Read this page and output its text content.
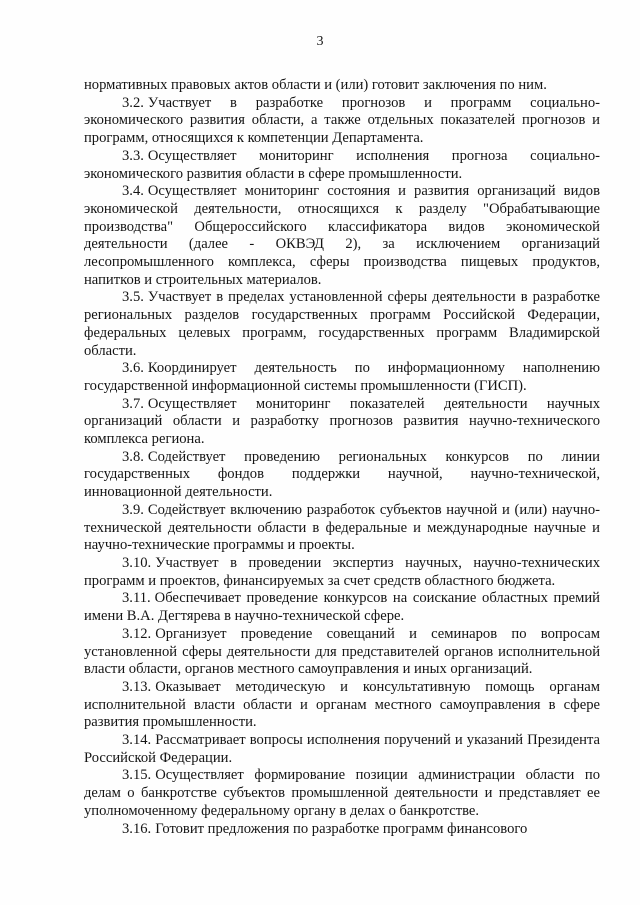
3

нормативных правовых актов области и (или) готовит заключения по ним.

3.2. Участвует в разработке прогнозов и программ социально-экономического развития области, а также отдельных показателей прогнозов и программ, относящихся к компетенции Департамента.

3.3. Осуществляет мониторинг исполнения прогноза социально-экономического развития области в сфере промышленности.

3.4. Осуществляет мониторинг состояния и развития организаций видов экономической деятельности, относящихся к разделу "Обрабатывающие производства" Общероссийского классификатора видов экономической деятельности (далее - ОКВЭД 2), за исключением организаций лесопромышленного комплекса, сферы производства пищевых продуктов, напитков и строительных материалов.

3.5. Участвует в пределах установленной сферы деятельности в разработке региональных разделов государственных программ Российской Федерации, федеральных целевых программ, государственных программ Владимирской области.

3.6. Координирует деятельность по информационному наполнению государственной информационной системы промышленности (ГИСП).

3.7. Осуществляет мониторинг показателей деятельности научных организаций области и разработку прогнозов развития научно-технического комплекса региона.

3.8. Содействует проведению региональных конкурсов по линии государственных фондов поддержки научной, научно-технической, инновационной деятельности.

3.9. Содействует включению разработок субъектов научной и (или) научно-технической деятельности области в федеральные и международные научные и научно-технические программы и проекты.

3.10. Участвует в проведении экспертиз научных, научно-технических программ и проектов, финансируемых за счет средств областного бюджета.

3.11. Обеспечивает проведение конкурсов на соискание областных премий имени В.А. Дегтярева в научно-технической сфере.

3.12. Организует проведение совещаний и семинаров по вопросам установленной сферы деятельности для представителей органов исполнительной власти области, органов местного самоуправления и иных организаций.

3.13. Оказывает методическую и консультативную помощь органам исполнительной власти области и органам местного самоуправления в сфере развития промышленности.

3.14. Рассматривает вопросы исполнения поручений и указаний Президента Российской Федерации.

3.15. Осуществляет формирование позиции администрации области по делам о банкротстве субъектов промышленной деятельности и представляет ее уполномоченному федеральному органу в делах о банкротстве.

3.16. Готовит предложения по разработке программ финансового
